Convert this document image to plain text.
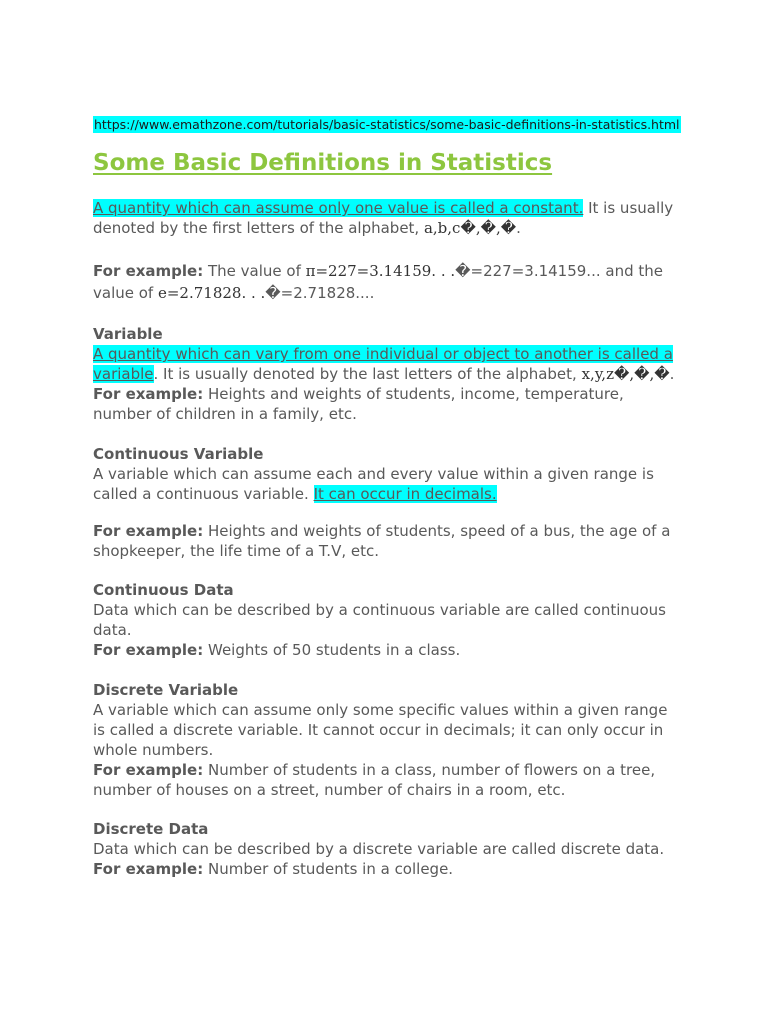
https://www.emathzone.com/tutorials/basic-statistics/some-basic-definitions-in-statistics.html
Some Basic Definitions in Statistics

A quantity which can assume only one value is called a constant. It is usually denoted by the first letters of the alphabet, a,b,c�,�,�.

For example: The value of π=227=3.14159. . .�=227=3.14159... and the value of e=2.71828. . .�=2.71828....

Variable

A quantity which can vary from one individual or object to another is called a variable. It is usually denoted by the last letters of the alphabet, x,y,z�,�,�.

For example: Heights and weights of students, income, temperature, number of children in a family, etc.

Continuous Variable

A variable which can assume each and every value within a given range is called a continuous variable. It can occur in decimals.

For example: Heights and weights of students, speed of a bus, the age of a shopkeeper, the life time of a T.V, etc.

Continuous Data

Data which can be described by a continuous variable are called continuous data.

For example: Weights of 50 students in a class.

Discrete Variable

A variable which can assume only some specific values within a given range is called a discrete variable. It cannot occur in decimals; it can only occur in whole numbers.

For example: Number of students in a class, number of flowers on a tree, number of houses on a street, number of chairs in a room, etc.

Discrete Data

Data which can be described by a discrete variable are called discrete data.

For example: Number of students in a college.
